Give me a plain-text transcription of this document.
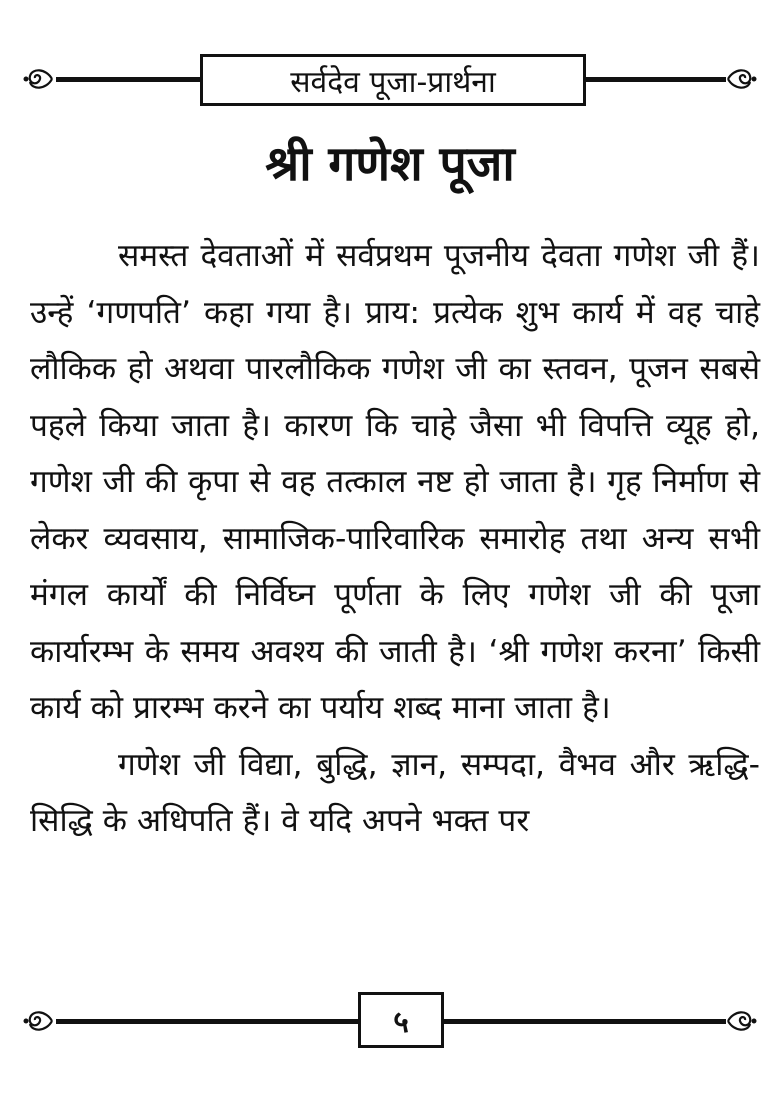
सर्वदेव पूजा-प्रार्थना
श्री गणेश पूजा

समस्त देवताओं में सर्वप्रथम पूजनीय देवता गणेश जी हैं। उन्हें ‘गणपति’ कहा गया है। प्राय: प्रत्येक शुभ कार्य में वह चाहे लौकिक हो अथवा पारलौकिक गणेश जी का स्तवन, पूजन सबसे पहले किया जाता है। कारण कि चाहे जैसा भी विपत्ति व्यूह हो, गणेश जी की कृपा से वह तत्काल नष्ट हो जाता है। गृह निर्माण से लेकर व्यवसाय, सामाजिक-पारिवारिक समारोह तथा अन्य सभी मंगल कार्यों की निर्विघ्न पूर्णता के लिए गणेश जी की पूजा कार्यारम्भ के समय अवश्य की जाती है। ‘श्री गणेश करना’ किसी कार्य को प्रारम्भ करने का पर्याय शब्द माना जाता है।

गणेश जी विद्या, बुद्धि, ज्ञान, सम्पदा, वैभव और ऋद्धि-सिद्धि के अधिपति हैं। वे यदि अपने भक्त पर

५
